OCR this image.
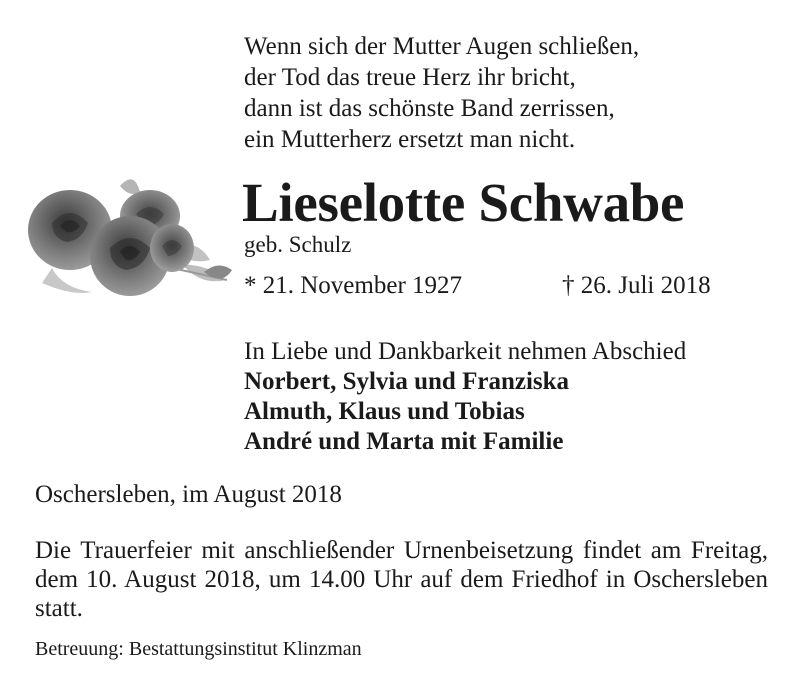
Wenn sich der Mutter Augen schließen,
der Tod das treue Herz ihr bricht,
dann ist das schönste Band zerrissen,
ein Mutterherz ersetzt man nicht.
Lieselotte Schwabe
geb. Schulz
* 21. November 1927	† 26. Juli 2018
In Liebe und Dankbarkeit nehmen Abschied
Norbert, Sylvia und Franziska
Almuth, Klaus und Tobias
André und Marta mit Familie
Oschersleben, im August 2018
Die Trauerfeier mit anschließender Urnenbeisetzung findet am Freitag, dem 10. August 2018, um 14.00 Uhr auf dem Friedhof in Oschersleben statt.
Betreuung: Bestattungsinstitut Klinzman
